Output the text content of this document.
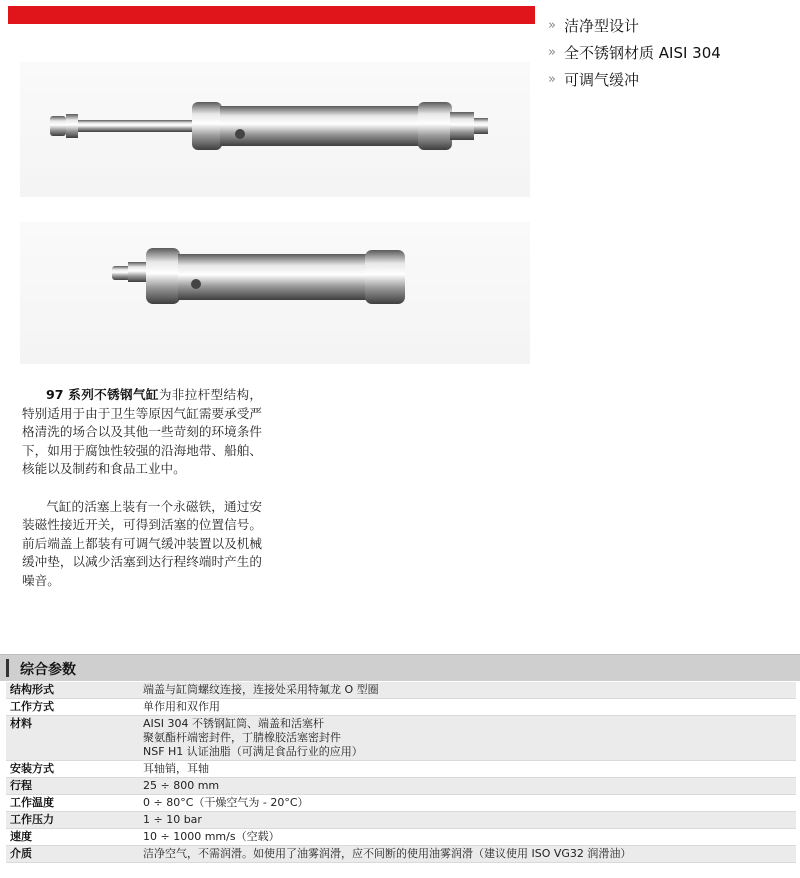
» 洁净型设计
» 全不锈钢材质 AISI 304
» 可调气缓冲

97 系列不锈钢气缸为非拉杆型结构，特别适用于由于卫生等原因气缸需要承受严格清洗的场合以及其他一些苛刻的环境条件下，如用于腐蚀性较强的沿海地带、船舶、核能以及制药和食品工业中。

气缸的活塞上装有一个永磁铁，通过安装磁性接近开关，可得到活塞的位置信号。前后端盖上都装有可调气缓冲装置以及机械缓冲垫，以减少活塞到达行程终端时产生的噪音。

综合参数
结构形式	端盖与缸筒螺纹连接，连接处采用特氟龙 O 型圈

工作方式	单作用和双作用

材料	AISI 304 不锈钢缸筒、端盖和活塞杆
聚氨酯杆端密封件，丁腈橡胶活塞密封件
NSF H1 认证油脂（可满足食品行业的应用）

安装方式	耳轴销，耳轴

行程	25 ÷ 800 mm

工作温度	0 ÷ 80°C（干燥空气为 - 20°C）

工作压力	1 ÷ 10 bar

速度	10 ÷ 1000 mm/s（空载）

介质	洁净空气，不需润滑。如使用了油雾润滑，应不间断的使用油雾润滑（建议使用 ISO VG32 润滑油）
